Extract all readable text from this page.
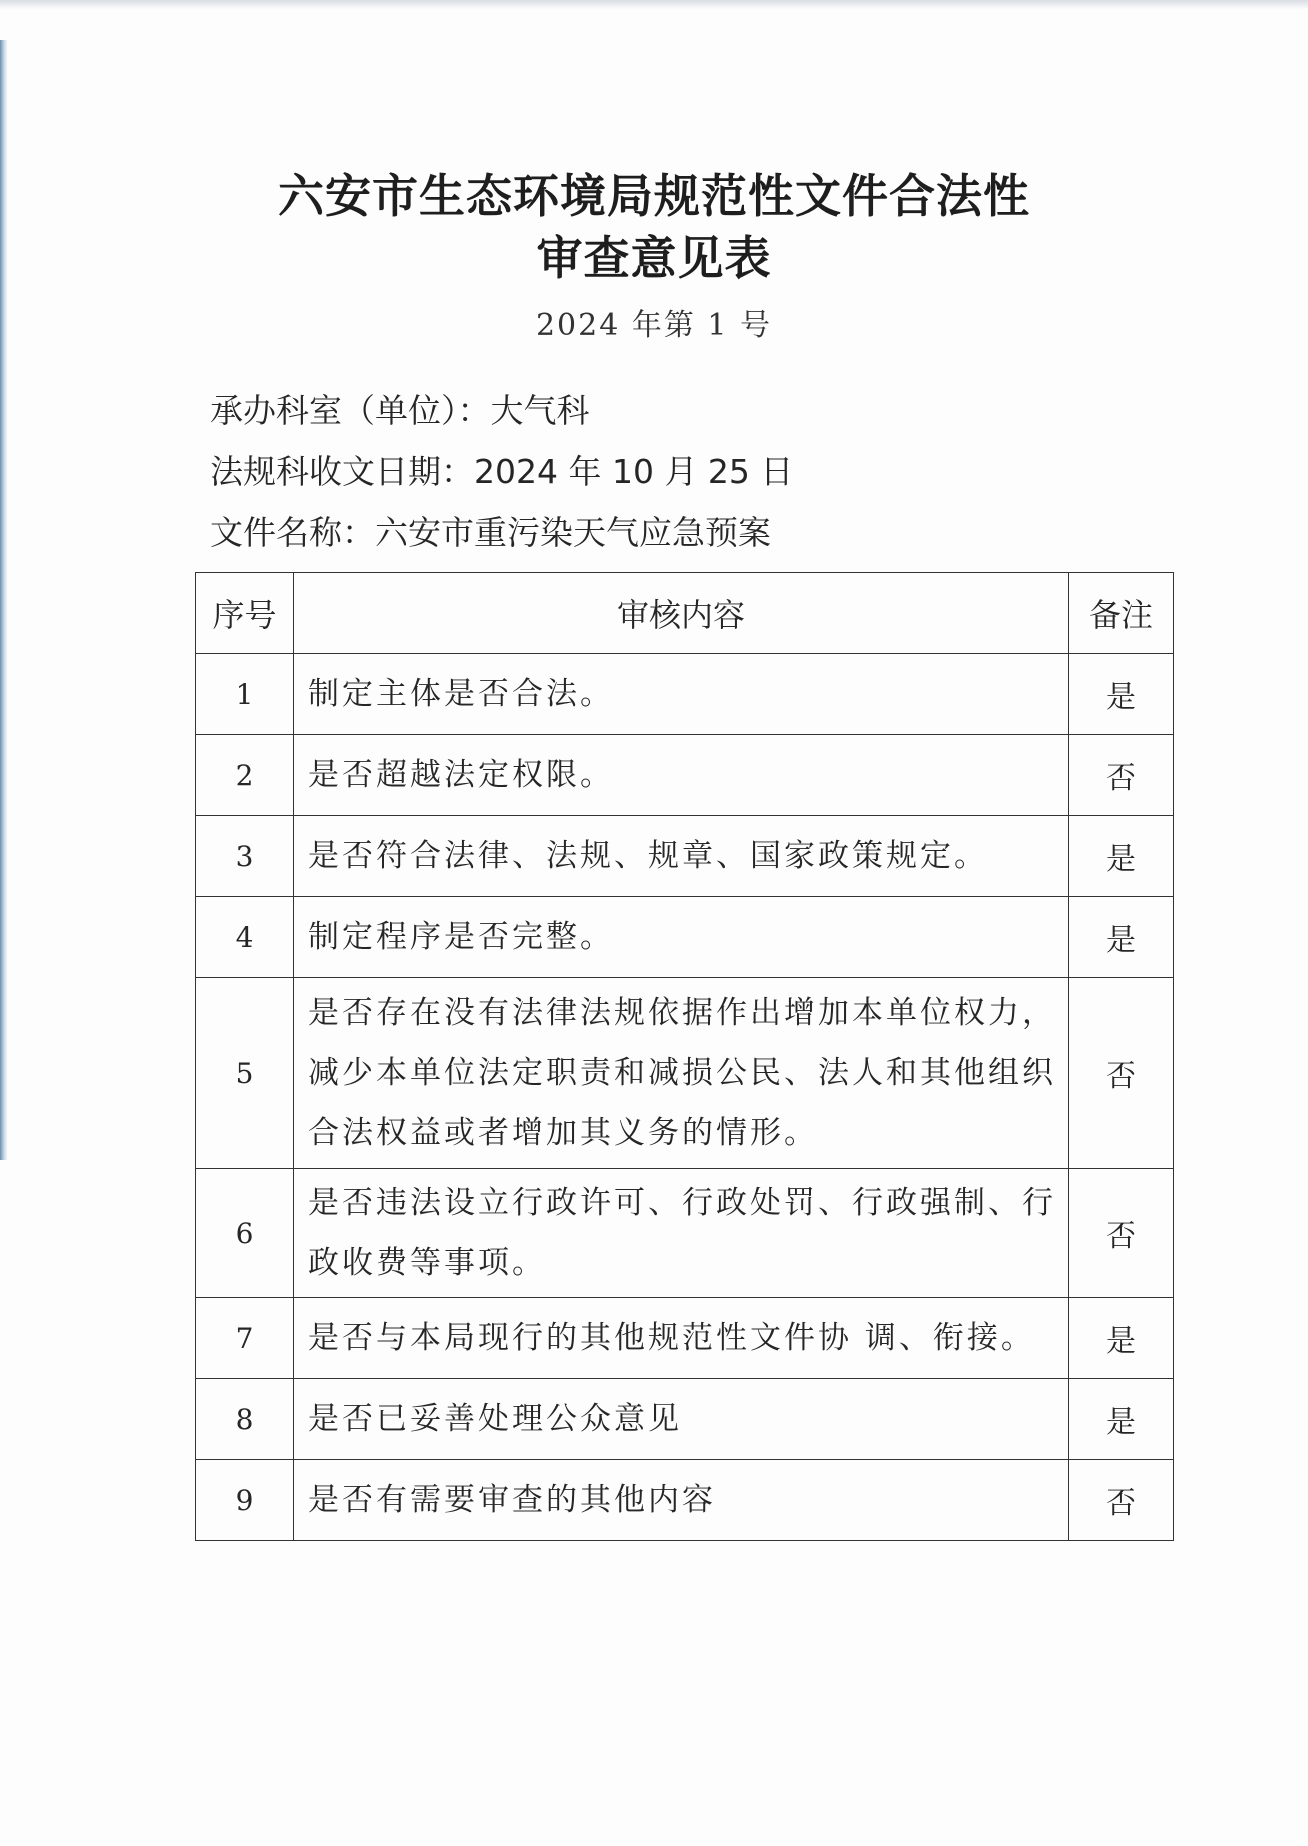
六安市生态环境局规范性文件合法性
审查意见表
2024 年第 1 号
承办科室（单位）：大气科
法规科收文日期：2024 年 10 月 25 日
文件名称：六安市重污染天气应急预案
序号	审核内容	备注
1	制定主体是否合法。	是
2	是否超越法定权限。	否
3	是否符合法律、法规、规章、国家政策规定。	是
4	制定程序是否完整。	是
5	是否存在没有法律法规依据作出增加本单位权力，减少本单位法定职责和减损公民、法人和其他组织合法权益或者增加其义务的情形。	否
6	是否违法设立行政许可、行政处罚、行政强制、行政收费等事项。	否
7	是否与本局现行的其他规范性文件协 调、衔接。	是
8	是否已妥善处理公众意见	是
9	是否有需要审查的其他内容	否
